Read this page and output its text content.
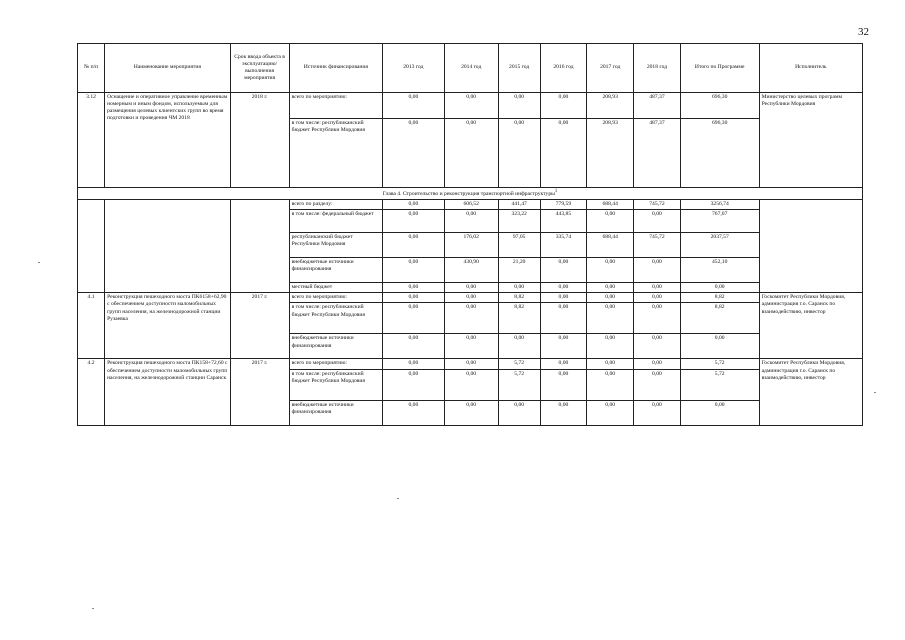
32
№ п/п	Наименование мероприятия	Срок ввода объекта в эксплуатацию/ выполнения мероприятия	Источник финансирования	2013 год	2014 год	2015 год	2016 год	2017 год	2018 год	Итого по Программе	Исполнитель
3.12	Оснащение и оперативное управление временным номерным и иным фондом, используемым для размещения целевых клиентских групп во время подготовки и проведения ЧМ 2018	2018 г.	всего по мероприятию:	0,00	0,00	0,00	0,00	208,93	487,37	696,30	Министерство целевых программ Республики Мордовия
			в том числе: республиканский бюджет Республики Мордовия	0,00	0,00	0,00	0,00	208,93	487,37	696,30	
Глава 4. Строительство и реконструкция транспортной инфраструктуры$^1$
			всего по разделу:	0,00	606,52	441,47	779,59	688,44	745,72	3256,74	
			в том числе: федеральный бюджет	0,00	0,00	323,22	443,85	0,00	0,00	767,07	
			республиканский бюджет Республики Мордовия	0,00	176,02	97,05	335,74	688,44	745,72	2037,57	
			внебюджетные источники финансирования	0,00	430,90	21,20	0,00	0,00	0,00	452,10	
			местный бюджет	0,00	0,00	0,00	0,00	0,00	0,00	0,00	
4.1	Реконструкция пешеходного моста ПК6158+62,90 с обеспечением доступности маломобильных групп населения, на железнодорожной станции Рузаевка	2017 г.	всего по мероприятию:	0,00	0,00	8,82	0,00	0,00	0,00	8,82	Госкомитет Республики Мордовия, администрация г.о. Саранск по взаимодействию, инвестор
			в том числе: республиканский бюджет Республики Мордовия	0,00	0,00	8,82	0,00	0,00	0,00	8,82	
			внебюджетные источники финансирования	0,00	0,00	0,00	0,00	0,00	0,00	0,00	
4.2	Реконструкция пешеходного моста ПК158+72,60 с обеспечением доступности маломобильных групп населения, на железнодорожной станции Саранск	2017 г.	всего по мероприятию:	0,00	0,00	5,72	0,00	0,00	0,00	5,72	Госкомитет Республики Мордовия, администрация г.о. Саранск по взаимодействию, инвестор
			в том числе: республиканский бюджет Республики Мордовия	0,00	0,00	5,72	0,00	0,00	0,00	5,72	
			внебюджетные источники финансирования	0,00	0,00	0,00	0,00	0,00	0,00	0,00	
